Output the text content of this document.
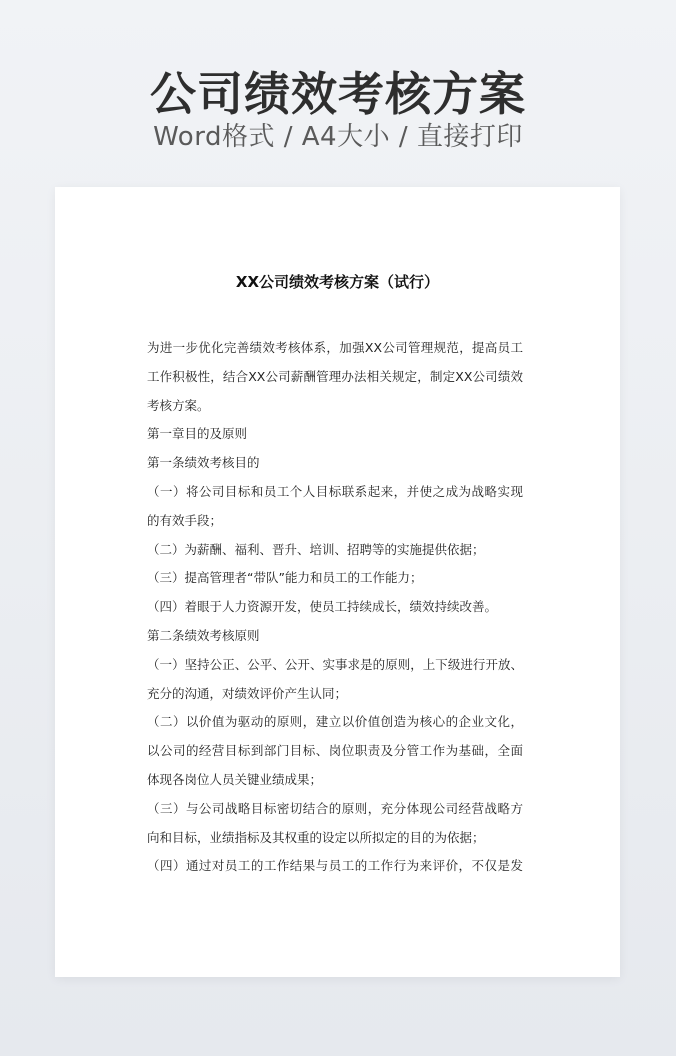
公司绩效考核方案
Word格式 / A4大小 / 直接打印
XX公司绩效考核方案（试行）
为进一步优化完善绩效考核体系，加强XX公司管理规范，提高员工
工作积极性，结合XX公司薪酬管理办法相关规定，制定XX公司绩效
考核方案。
第一章目的及原则
第一条绩效考核目的
（一）将公司目标和员工个人目标联系起来，并使之成为战略实现
的有效手段；
（二）为薪酬、福利、晋升、培训、招聘等的实施提供依据；
（三）提高管理者“带队”能力和员工的工作能力；
（四）着眼于人力资源开发，使员工持续成长，绩效持续改善。
第二条绩效考核原则
（一）坚持公正、公平、公开、实事求是的原则，上下级进行开放、
充分的沟通，对绩效评价产生认同；
（二）以价值为驱动的原则，建立以价值创造为核心的企业文化，
以公司的经营目标到部门目标、岗位职责及分管工作为基础，全面
体现各岗位人员关键业绩成果；
（三）与公司战略目标密切结合的原则，充分体现公司经营战略方
向和目标，业绩指标及其权重的设定以所拟定的目的为依据；
（四）通过对员工的工作结果与员工的工作行为来评价，不仅是发
